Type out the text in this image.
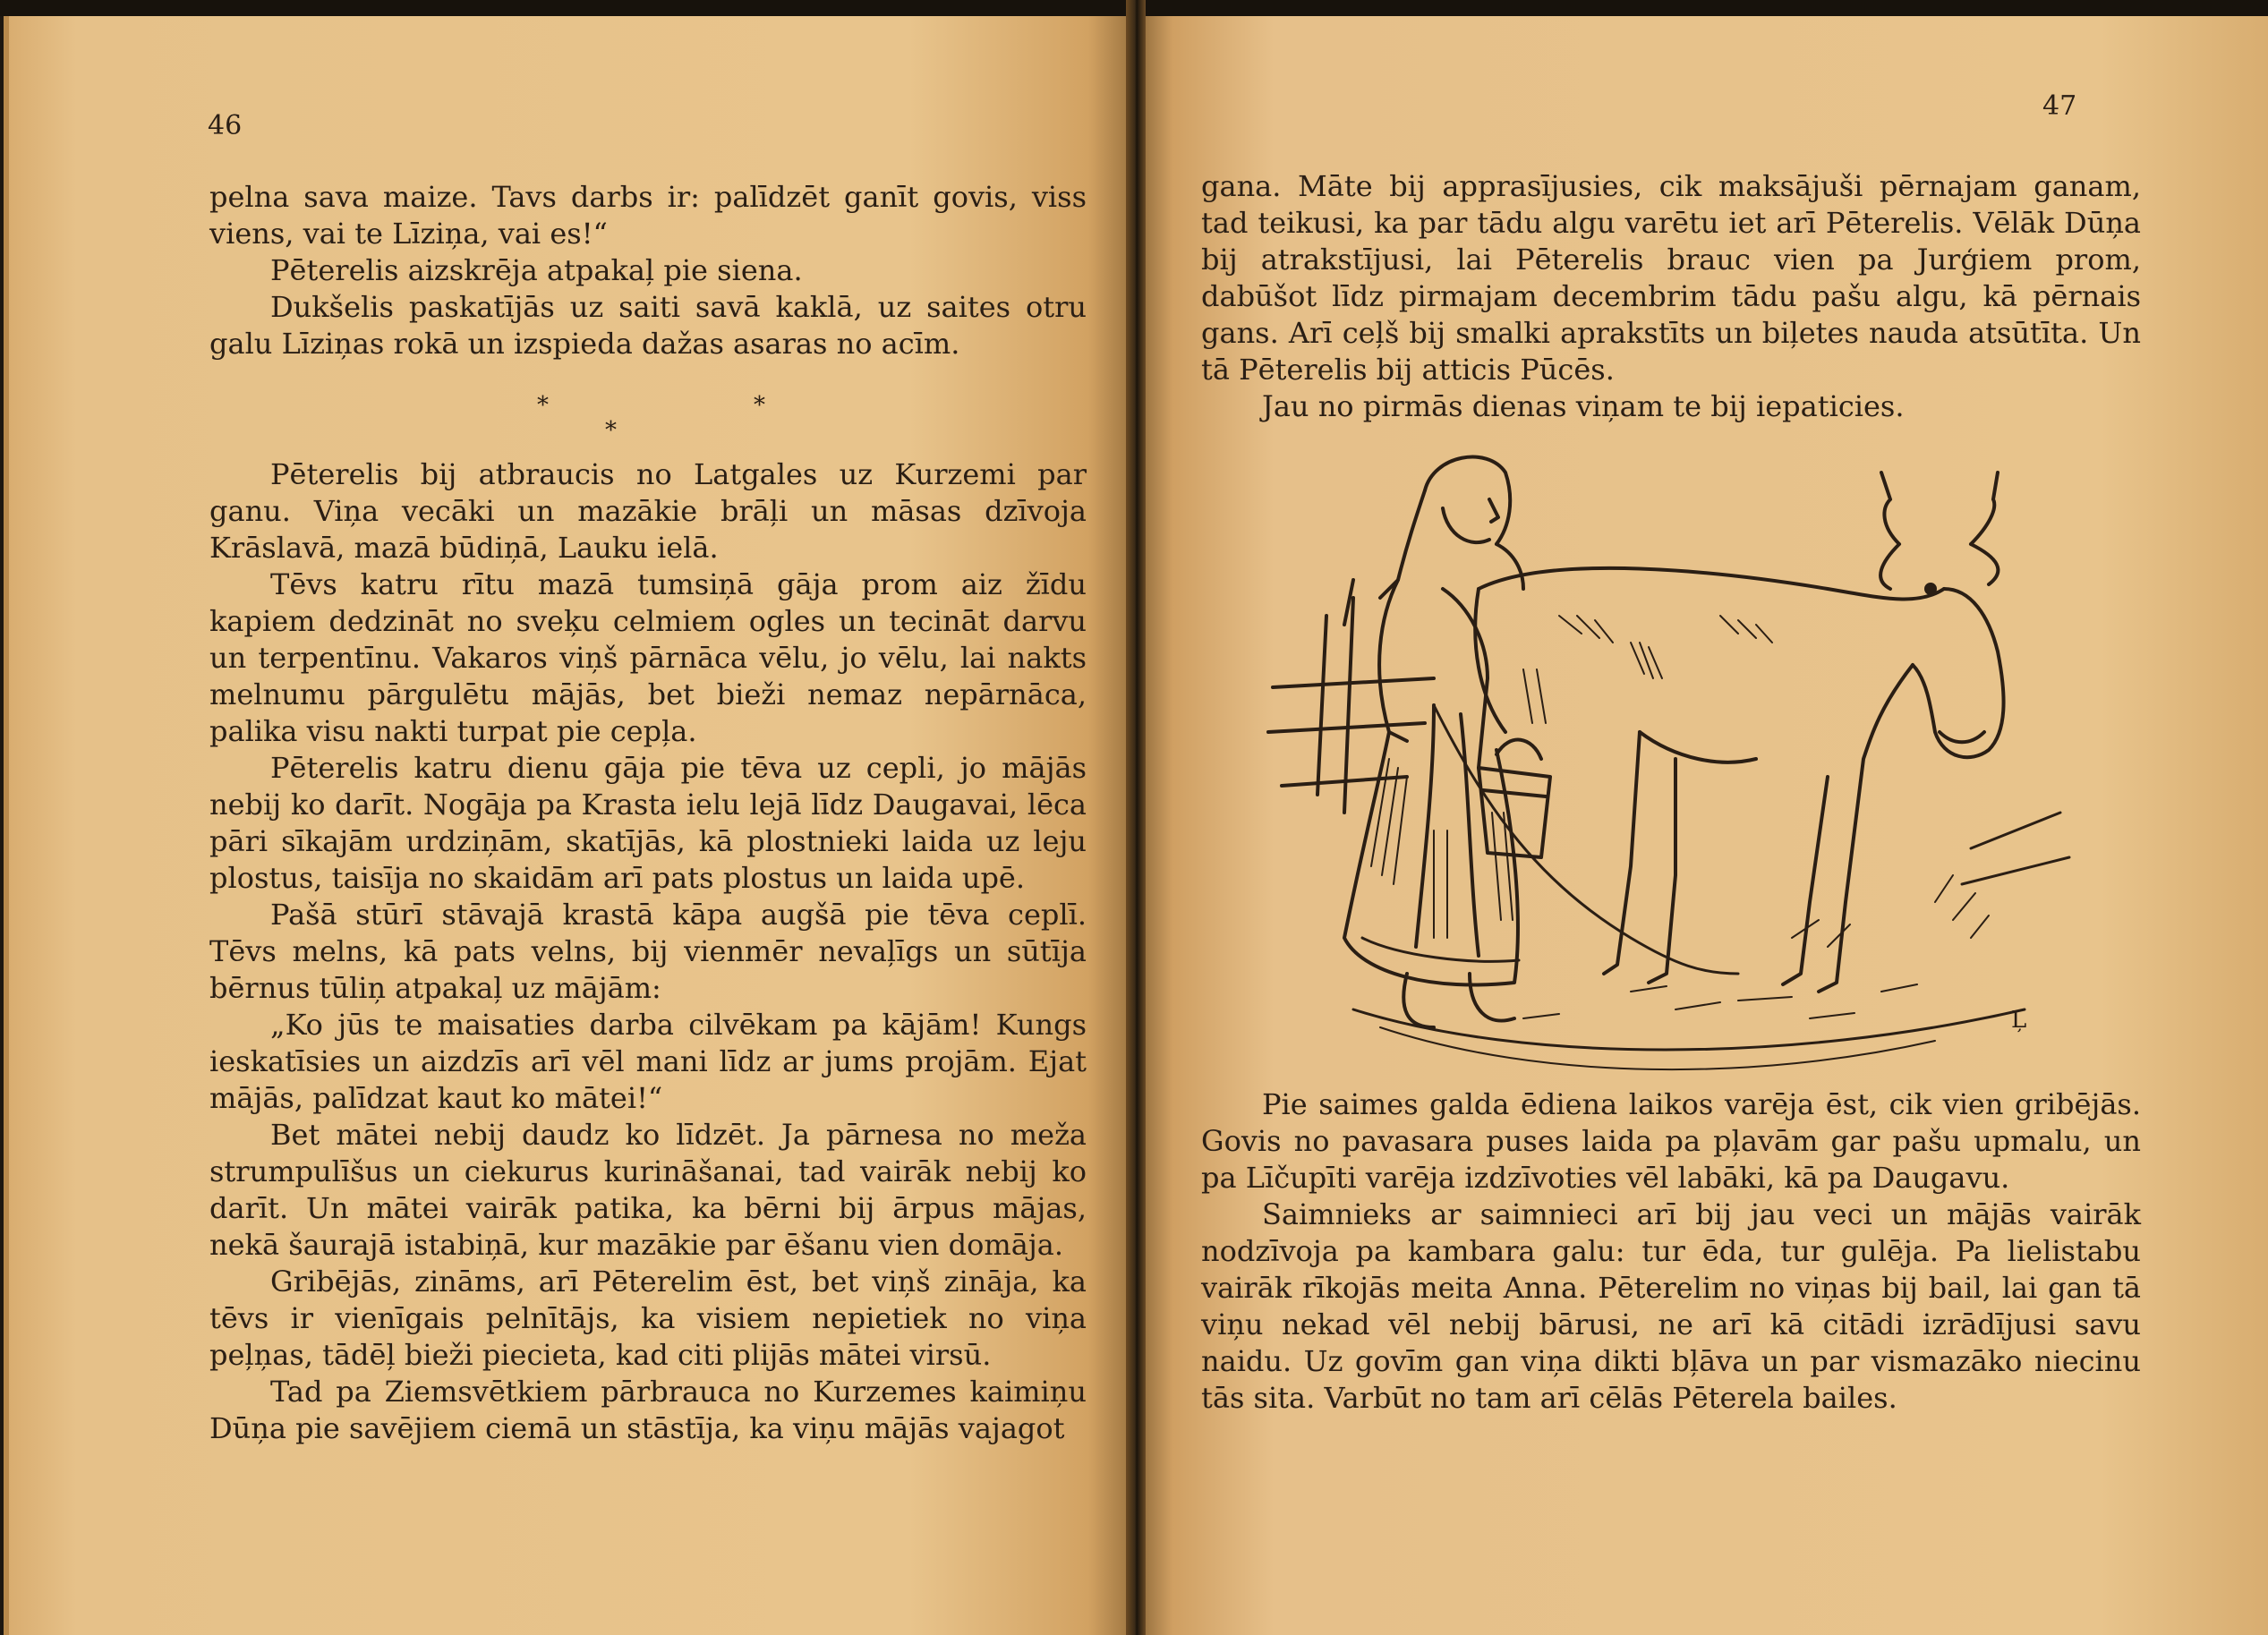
46

pelna sava maize. Tavs darbs ir: palīdzēt ganīt govis, viss viens, vai te Līziņa, vai es!“

Pēterelis aizskrēja atpakaļ pie siena.

Dukšelis paskatījās uz saiti savā kaklā, uz saites otru galu Līziņas rokā un izspieda dažas asaras no acīm.

*
*
*

Pēterelis bij atbraucis no Latgales uz Kurzemi par ganu. Viņa vecāki un mazākie brāļi un māsas dzīvoja Krāslavā, mazā būdiņā, Lauku ielā.

Tēvs katru rītu mazā tumsiņā gāja prom aiz žīdu kapiem dedzināt no sveķu celmiem ogles un tecināt darvu un terpentīnu. Vakaros viņš pārnāca vēlu, jo vēlu, lai nakts melnumu pārgulētu mājās, bet bieži nemaz nepārnāca, palika visu nakti turpat pie cepļa.

Pēterelis katru dienu gāja pie tēva uz cepli, jo mājās nebij ko darīt. Nogāja pa Krasta ielu lejā līdz Daugavai, lēca pāri sīkajām urdziņām, skatījās, kā plostnieki laida uz leju plostus, taisīja no skaidām arī pats plostus un laida upē.

Pašā stūrī stāvajā krastā kāpa augšā pie tēva ceplī. Tēvs melns, kā pats velns, bij vienmēr nevaļīgs un sūtīja bērnus tūliņ atpakaļ uz mājām:

„Ko jūs te maisaties darba cilvēkam pa kājām! Kungs ieskatīsies un aizdzīs arī vēl mani līdz ar jums projām. Ejat mājās, palīdzat kaut ko mātei!“

Bet mātei nebij daudz ko līdzēt. Ja pārnesa no meža strumpulīšus un ciekurus kurināšanai, tad vairāk nebij ko darīt. Un mātei vairāk patika, ka bērni bij ārpus mājas, nekā šaurajā istabiņā, kur mazākie par ēšanu vien domāja.

Gribējās, zināms, arī Pēterelim ēst, bet viņš zināja, ka tēvs ir vienīgais pelnītājs, ka visiem nepietiek no viņa peļņas, tādēļ bieži piecieta, kad citi plijās mātei virsū.

Tad pa Ziemsvētkiem pārbrauca no Kurzemes kaimiņu Dūņa pie savējiem ciemā un stāstīja, ka viņu mājās vajagot

47

gana. Māte bij apprasījusies, cik maksājuši pērnajam ganam, tad teikusi, ka par tādu algu varētu iet arī Pēterelis. Vēlāk Dūņa bij atrakstījusi, lai Pēterelis brauc vien pa Jurģiem prom, dabūšot līdz pirmajam decembrim tādu pašu algu, kā pērnais gans. Arī ceļš bij smalki aprakstīts un biļetes nauda atsūtīta. Un tā Pēterelis bij atticis Pūcēs.

Jau no pirmās dienas viņam te bij iepaticies.

Ļ

Pie saimes galda ēdiena laikos varēja ēst, cik vien gribējās. Govis no pavasara puses laida pa pļavām gar pašu upmalu, un pa Līčupīti varēja izdzīvoties vēl labāki, kā pa Daugavu.

Saimnieks ar saimnieci arī bij jau veci un mājās vairāk nodzīvoja pa kambara galu: tur ēda, tur gulēja. Pa lielistabu vairāk rīkojās meita Anna. Pēterelim no viņas bij bail, lai gan tā viņu nekad vēl nebij bārusi, ne arī kā citādi izrādījusi savu naidu. Uz govīm gan viņa dikti bļāva un par vismazāko niecinu tās sita. Varbūt no tam arī cēlās Pēterela bailes.
